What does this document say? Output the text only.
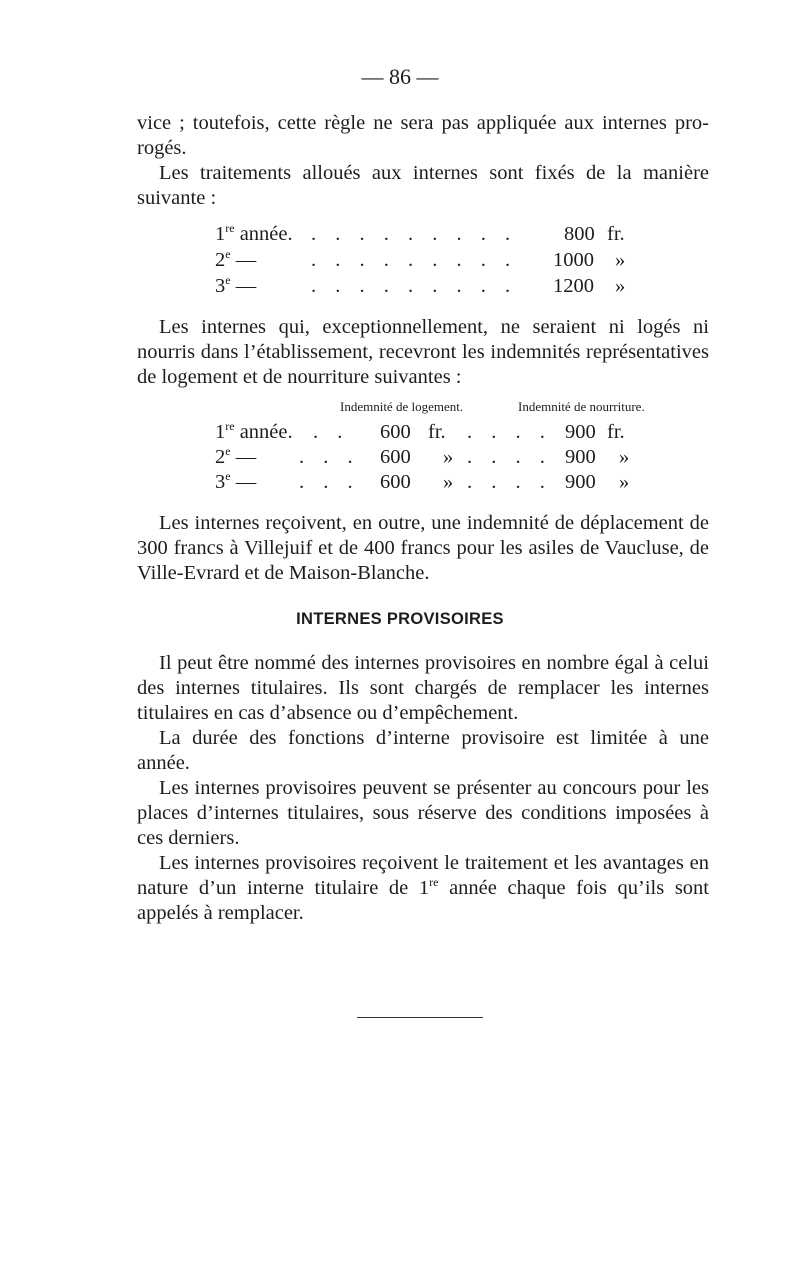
— 86 —

vice ; toutefois, cette règle ne sera pas appliquée aux internes pro-rogés.

Les traitements alloués aux internes sont fixés de la manière suivante :

1re année. . . . . . . . . . 800 fr.
2e —	. . . . . . . . . 1000 »
3e —	. . . . . . . . . 1200 »

Les internes qui, exceptionnellement, ne seraient ni logés ni nourris dans l’établissement, recevront les indemnités représentatives de logement et de nourriture suivantes :

Indemnité de logement.	Indemnité de nourriture.
1re année. . . 600 fr. . . . . 900 fr.
2e — . . . 600 » . . . . 900 »
3e — . . . 600 » . . . . 900 »

Les internes reçoivent, en outre, une indemnité de déplacement de 300 francs à Villejuif et de 400 francs pour les asiles de Vaucluse, de Ville-Evrard et de Maison-Blanche.

INTERNES PROVISOIRES

Il peut être nommé des internes provisoires en nombre égal à celui des internes titulaires. Ils sont chargés de remplacer les internes titulaires en cas d’absence ou d’empêchement.

La durée des fonctions d’interne provisoire est limitée à une année.

Les internes provisoires peuvent se présenter au concours pour les places d’internes titulaires, sous réserve des conditions imposées à ces derniers.

Les internes provisoires reçoivent le traitement et les avantages en nature d’un interne titulaire de 1re année chaque fois qu’ils sont appelés à remplacer.
